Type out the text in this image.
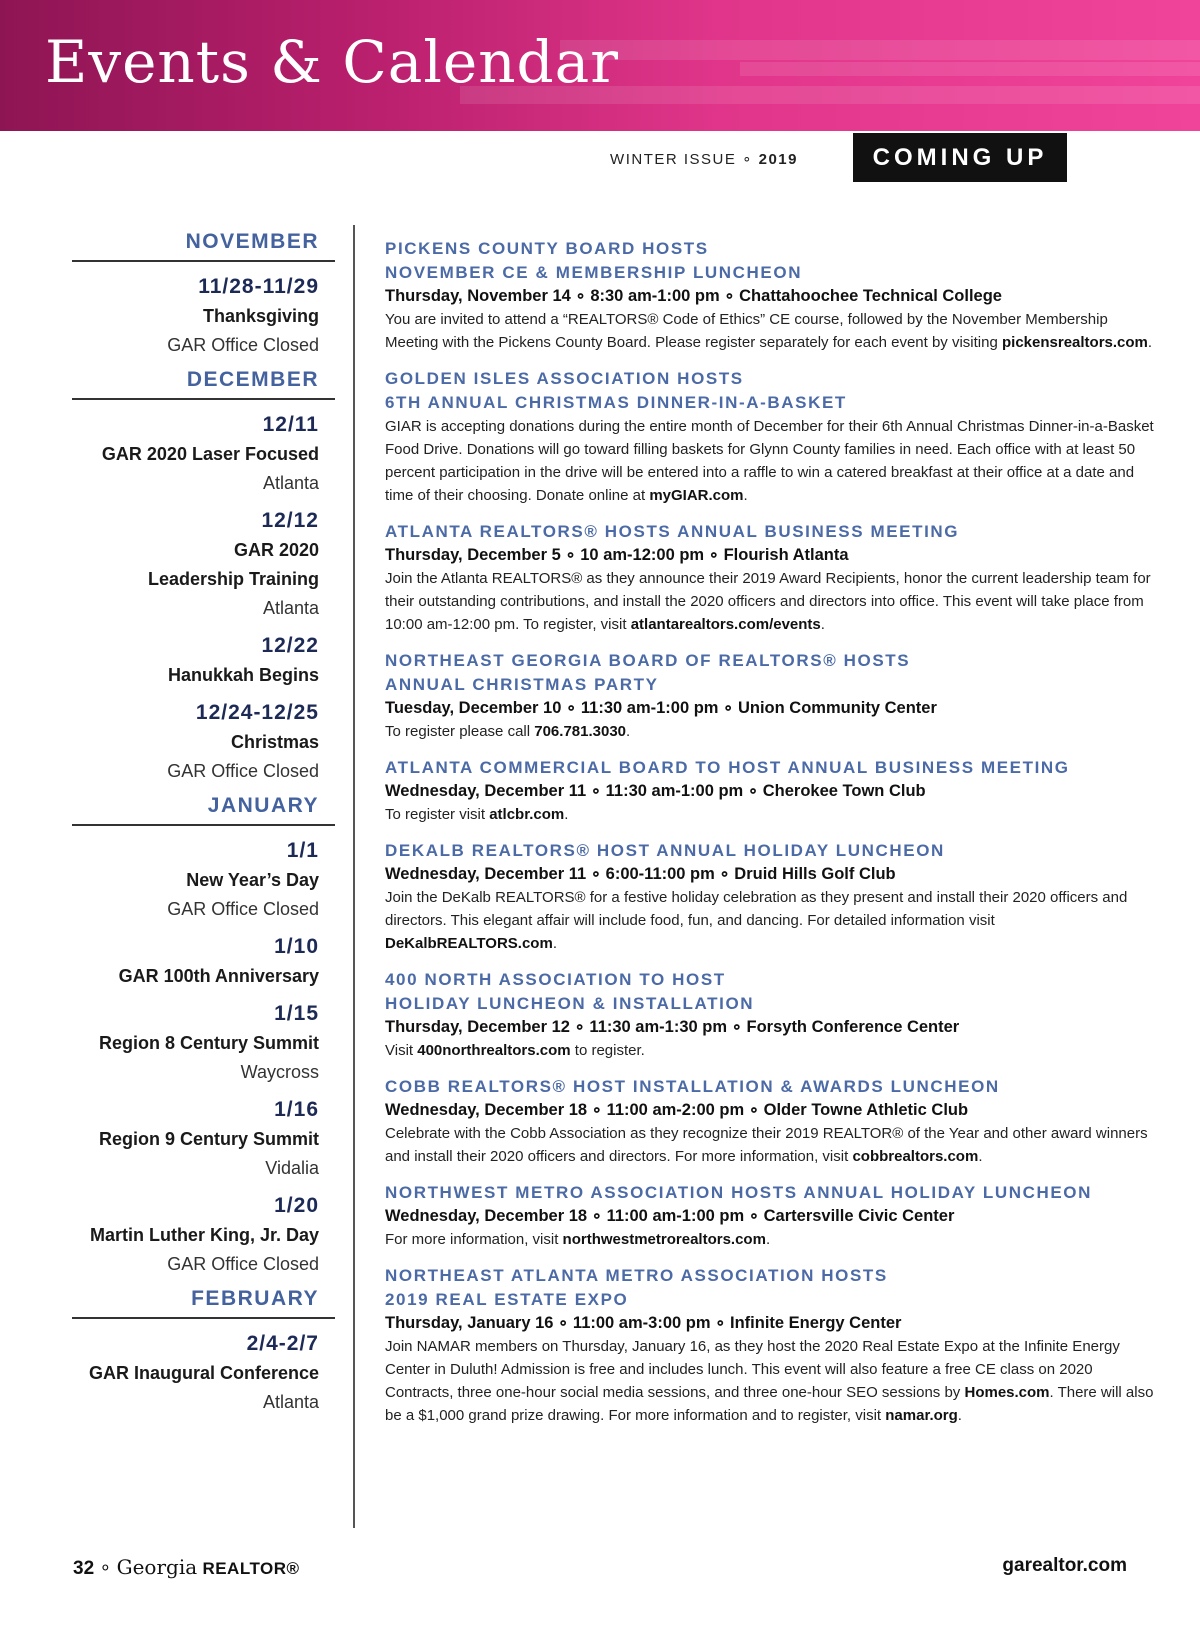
Events & Calendar
WINTER ISSUE ∘ 2019	COMING UP
NOVEMBER
11/28-11/29
Thanksgiving
GAR Office Closed
DECEMBER
12/11
GAR 2020 Laser Focused
Atlanta
12/12
GAR 2020
Leadership Training
Atlanta
12/22
Hanukkah Begins
12/24-12/25
Christmas
GAR Office Closed
JANUARY
1/1
New Year’s Day
GAR Office Closed
1/10
GAR 100th Anniversary
1/15
Region 8 Century Summit
Waycross
1/16
Region 9 Century Summit
Vidalia
1/20
Martin Luther King, Jr. Day
GAR Office Closed
FEBRUARY
2/4-2/7
GAR Inaugural Conference
Atlanta
PICKENS COUNTY BOARD HOSTS
NOVEMBER CE & MEMBERSHIP LUNCHEON
Thursday, November 14 ∘ 8:30 am-1:00 pm ∘ Chattahoochee Technical College
You are invited to attend a “REALTORS® Code of Ethics” CE course, followed by the November Membership Meeting with the Pickens County Board. Please register separately for each event by visiting pickensrealtors.com.
GOLDEN ISLES ASSOCIATION HOSTS
6TH ANNUAL CHRISTMAS DINNER-IN-A-BASKET
GIAR is accepting donations during the entire month of December for their 6th Annual Christmas Dinner-in-a-Basket Food Drive. Donations will go toward filling baskets for Glynn County families in need. Each office with at least 50 percent participation in the drive will be entered into a raffle to win a catered breakfast at their office at a date and time of their choosing. Donate online at myGIAR.com.
ATLANTA REALTORS® HOSTS ANNUAL BUSINESS MEETING
Thursday, December 5 ∘ 10 am-12:00 pm ∘ Flourish Atlanta
Join the Atlanta REALTORS® as they announce their 2019 Award Recipients, honor the current leadership team for their outstanding contributions, and install the 2020 officers and directors into office. This event will take place from 10:00 am-12:00 pm. To register, visit atlantarealtors.com/events.
NORTHEAST GEORGIA BOARD OF REALTORS® HOSTS
ANNUAL CHRISTMAS PARTY
Tuesday, December 10 ∘ 11:30 am-1:00 pm ∘ Union Community Center
To register please call 706.781.3030.
ATLANTA COMMERCIAL BOARD TO HOST ANNUAL BUSINESS MEETING
Wednesday, December 11 ∘ 11:30 am-1:00 pm ∘ Cherokee Town Club
To register visit atlcbr.com.
DEKALB REALTORS® HOST ANNUAL HOLIDAY LUNCHEON
Wednesday, December 11 ∘ 6:00-11:00 pm ∘ Druid Hills Golf Club
Join the DeKalb REALTORS® for a festive holiday celebration as they present and install their 2020 officers and directors. This elegant affair will include food, fun, and dancing. For detailed information visit DeKalbREALTORS.com.
400 NORTH ASSOCIATION TO HOST
HOLIDAY LUNCHEON & INSTALLATION
Thursday, December 12 ∘ 11:30 am-1:30 pm ∘ Forsyth Conference Center
Visit 400northrealtors.com to register.
COBB REALTORS® HOST INSTALLATION & AWARDS LUNCHEON
Wednesday, December 18 ∘ 11:00 am-2:00 pm ∘ Older Towne Athletic Club
Celebrate with the Cobb Association as they recognize their 2019 REALTOR® of the Year and other award winners and install their 2020 officers and directors. For more information, visit cobbrealtors.com.
NORTHWEST METRO ASSOCIATION HOSTS ANNUAL HOLIDAY LUNCHEON
Wednesday, December 18 ∘ 11:00 am-1:00 pm ∘ Cartersville Civic Center
For more information, visit northwestmetrorealtors.com.
NORTHEAST ATLANTA METRO ASSOCIATION HOSTS
2019 REAL ESTATE EXPO
Thursday, January 16 ∘ 11:00 am-3:00 pm ∘ Infinite Energy Center
Join NAMAR members on Thursday, January 16, as they host the 2020 Real Estate Expo at the Infinite Energy Center in Duluth! Admission is free and includes lunch. This event will also feature a free CE class on 2020 Contracts, three one-hour social media sessions, and three one-hour SEO sessions by Homes.com. There will also be a $1,000 grand prize drawing. For more information and to register, visit namar.org.
32 ∘ Georgia REALTOR®	garealtor.com
